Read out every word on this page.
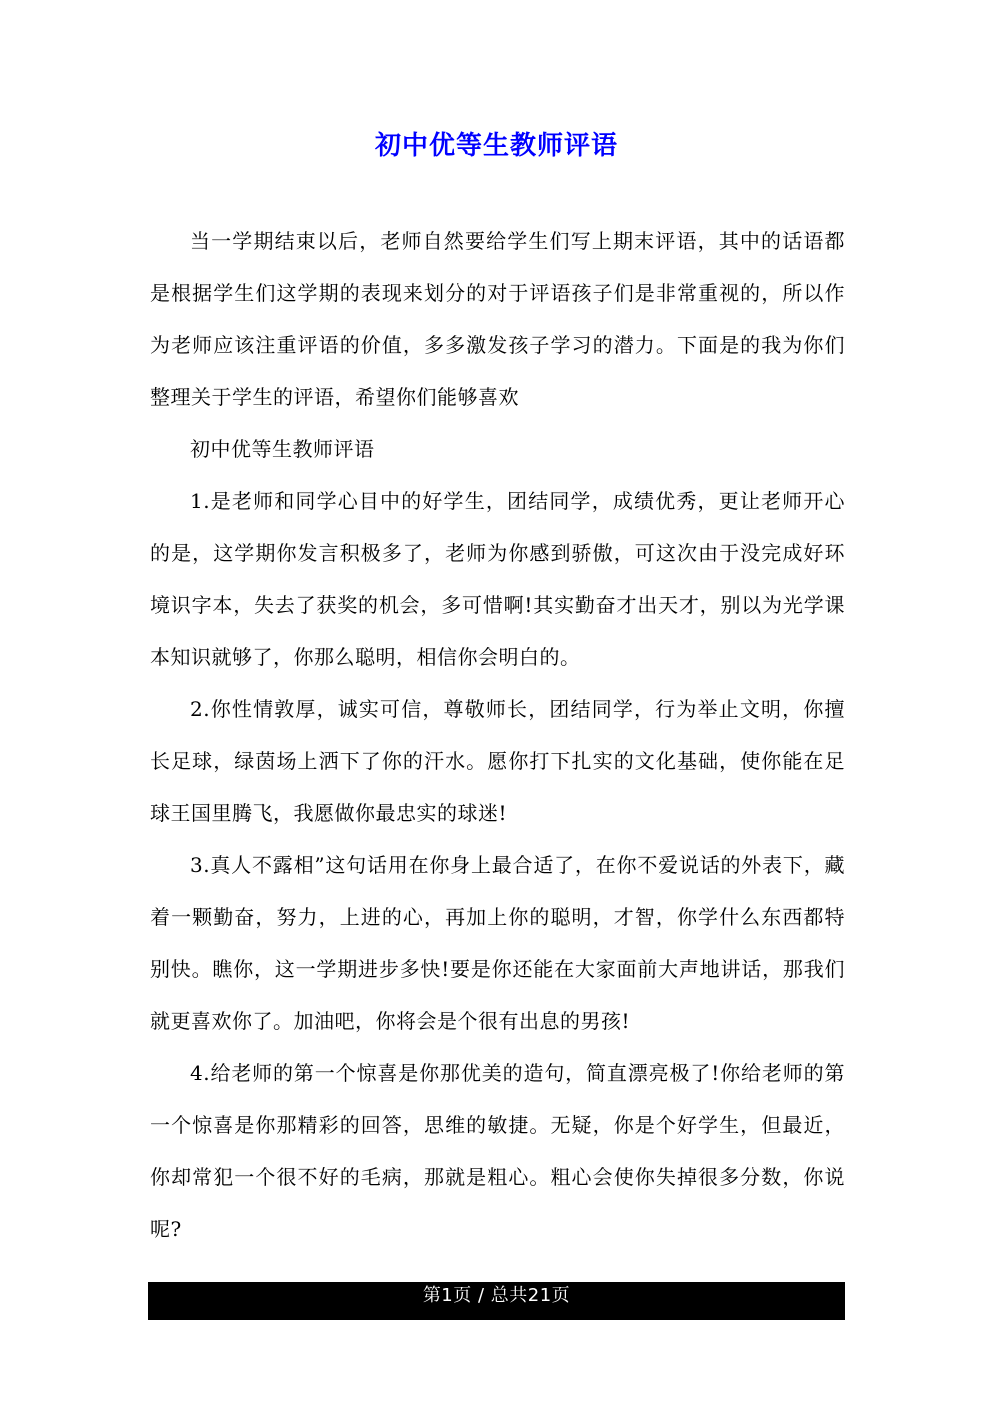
初中优等生教师评语

当一学期结束以后，老师自然要给学生们写上期末评语，其中的话语都是根据学生们这学期的表现来划分的对于评语孩子们是非常重视的，所以作为老师应该注重评语的价值，多多激发孩子学习的潜力。下面是的我为你们整理关于学生的评语，希望你们能够喜欢

初中优等生教师评语

1.是老师和同学心目中的好学生，团结同学，成绩优秀，更让老师开心的是，这学期你发言积极多了，老师为你感到骄傲，可这次由于没完成好环境识字本，失去了获奖的机会，多可惜啊!其实勤奋才出天才，别以为光学课本知识就够了，你那么聪明，相信你会明白的。

2.你性情敦厚，诚实可信，尊敬师长，团结同学，行为举止文明，你擅长足球，绿茵场上洒下了你的汗水。愿你打下扎实的文化基础，使你能在足球王国里腾飞，我愿做你最忠实的球迷!

3.真人不露相”这句话用在你身上最合适了，在你不爱说话的外表下，藏着一颗勤奋，努力，上进的心，再加上你的聪明，才智，你学什么东西都特别快。瞧你，这一学期进步多快!要是你还能在大家面前大声地讲话，那我们就更喜欢你了。加油吧，你将会是个很有出息的男孩!

4.给老师的第一个惊喜是你那优美的造句，简直漂亮极了!你给老师的第一个惊喜是你那精彩的回答，思维的敏捷。无疑，你是个好学生，但最近，你却常犯一个很不好的毛病，那就是粗心。粗心会使你失掉很多分数，你说呢?

第1页 / 总共21页
